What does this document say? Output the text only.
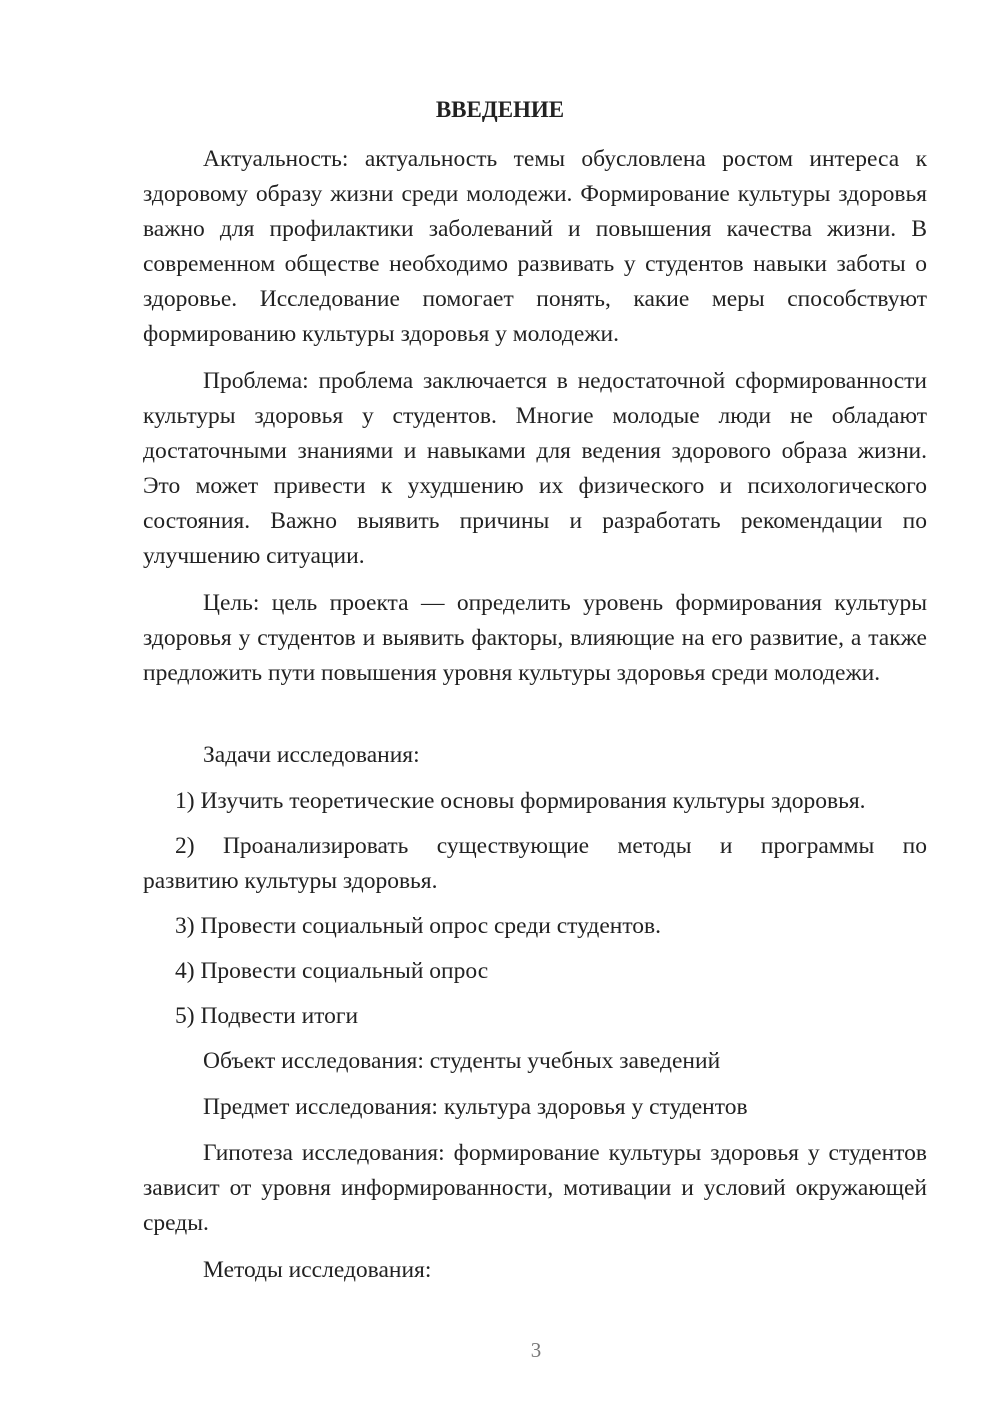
ВВЕДЕНИЕ
Актуальность: актуальность темы обусловлена ростом интереса к здоровому образу жизни среди молодежи. Формирование культуры здоровья важно для профилактики заболеваний и повышения качества жизни. В современном обществе необходимо развивать у студентов навыки заботы о здоровье. Исследование помогает понять, какие меры способствуют формированию культуры здоровья у молодежи.
Проблема: проблема заключается в недостаточной сформированности культуры здоровья у студентов. Многие молодые люди не обладают достаточными знаниями и навыками для ведения здорового образа жизни. Это может привести к ухудшению их физического и психологического состояния. Важно выявить причины и разработать рекомендации по улучшению ситуации.
Цель: цель проекта — определить уровень формирования культуры здоровья у студентов и выявить факторы, влияющие на его развитие, а также предложить пути повышения уровня культуры здоровья среди молодежи.
Задачи исследования:
1) Изучить теоретические основы формирования культуры здоровья.
2) Проанализировать существующие методы и программы по
развитию культуры здоровья.
3) Провести социальный опрос среди студентов.
4) Провести социальный опрос
5) Подвести итоги
Объект исследования: студенты учебных заведений
Предмет исследования: культура здоровья у студентов
Гипотеза исследования: формирование культуры здоровья у студентов зависит от уровня информированности, мотивации и условий окружающей среды.
Методы исследования:
3
